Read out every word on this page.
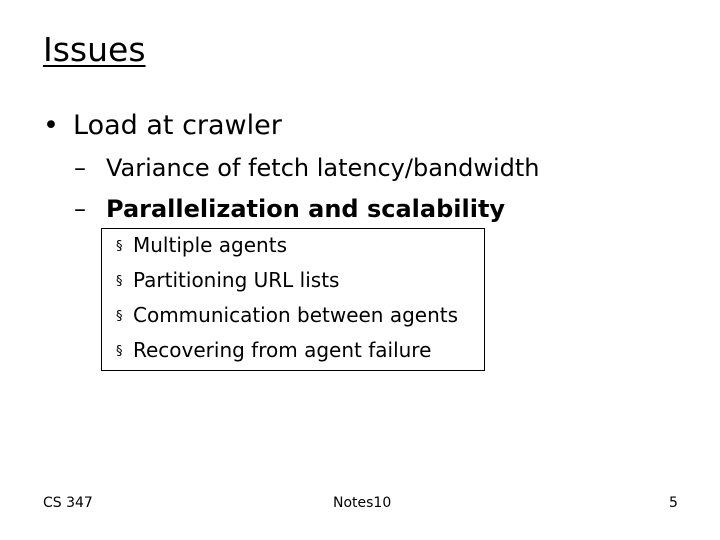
Issues
• Load at crawler
– Variance of fetch latency/bandwidth
– Parallelization and scalability
§ Multiple agents
§ Partitioning URL lists
§ Communication between agents
§ Recovering from agent failure
CS 347	Notes10	5
